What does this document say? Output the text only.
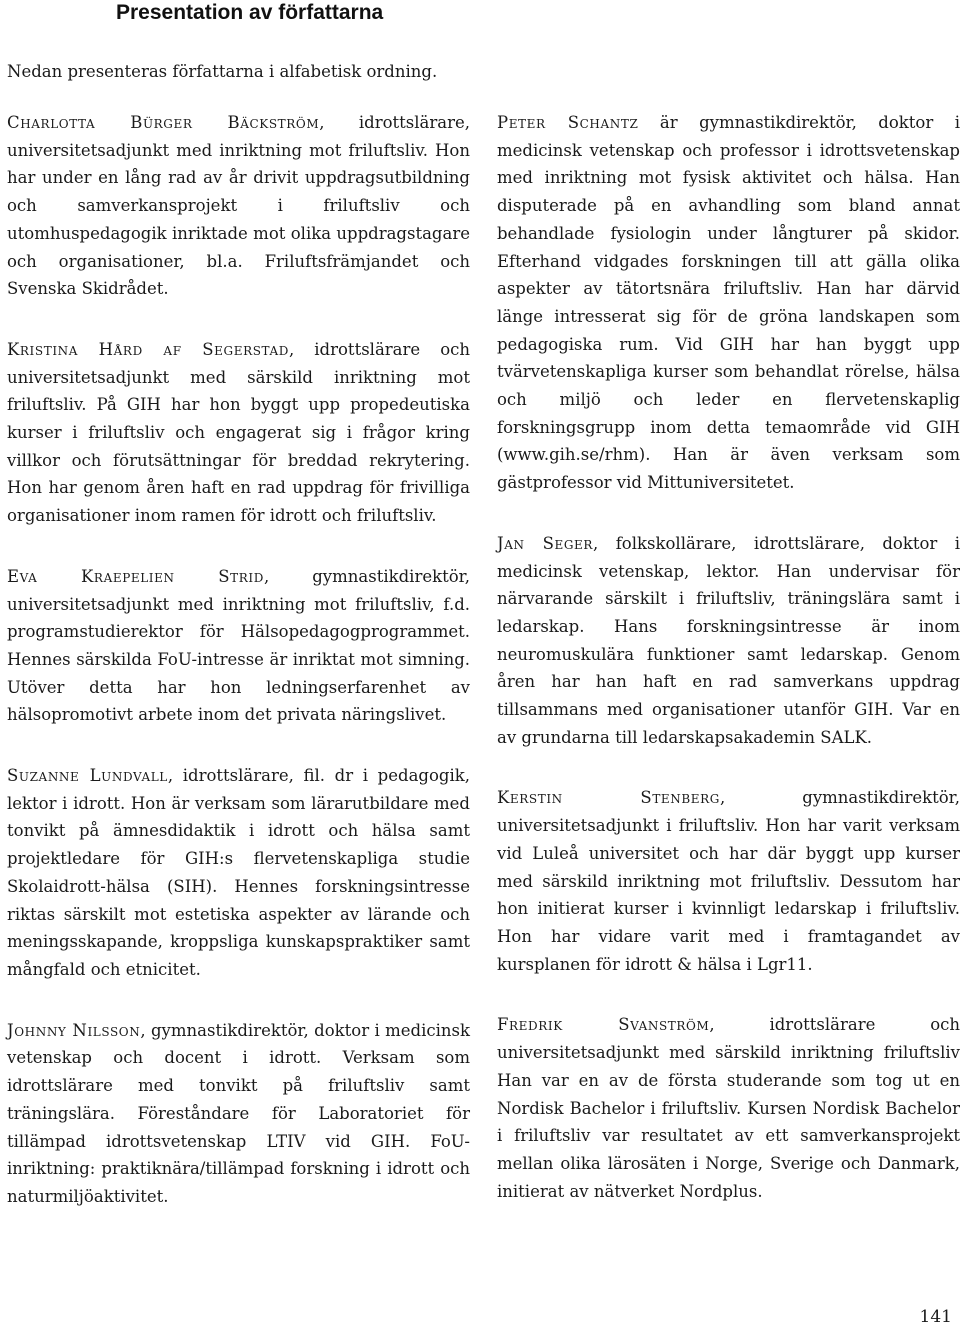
Presentation av författarna

Nedan presenteras författarna i alfabetisk ordning.

Charlotta Bürger Bäckström, idrottslärare, universitetsadjunkt med inriktning mot friluftsliv. Hon har under en lång rad av år drivit uppdragsutbildning och samverkansprojekt i friluftsliv och utomhuspedagogik inriktade mot olika uppdragstagare och organisationer, bl.a. Friluftsfrämjandet och Svenska Skidrådet.

Kristina Hård af Segerstad, idrottslärare och universitetsadjunkt med särskild inriktning mot friluftsliv. På GIH har hon byggt upp propedeutiska kurser i friluftsliv och engagerat sig i frågor kring villkor och förutsättningar för breddad rekrytering. Hon har genom åren haft en rad uppdrag för frivilliga organisationer inom ramen för idrott och friluftsliv.

Eva Kraepelien Strid, gymnastikdirektör, universitetsadjunkt med inriktning mot friluftsliv, f.d. programstudierektor för Hälsopedagogprogrammet. Hennes särskilda FoU-intresse är inriktat mot simning. Utöver detta har hon ledningserfarenhet av hälsopromotivt arbete inom det privata näringslivet.

Suzanne Lundvall, idrottslärare, fil. dr i pedagogik, lektor i idrott. Hon är verksam som lärarutbildare med tonvikt på ämnesdidaktik i idrott och hälsa samt projektledare för GIH:s flervetenskapliga studie Skolaidrott-hälsa (SIH). Hennes forskningsintresse riktas särskilt mot estetiska aspekter av lärande och meningsskapande, kroppsliga kunskapspraktiker samt mångfald och etnicitet.

Johnny Nilsson, gymnastikdirektör, doktor i medicinsk vetenskap och docent i idrott. Verksam som idrottslärare med tonvikt på friluftsliv samt träningslära. Föreståndare för Laboratoriet för tillämpad idrottsvetenskap LTIV vid GIH. FoU-inriktning: praktiknära/tillämpad forskning i idrott och naturmiljöaktivitet.

Peter Schantz är gymnastikdirektör, doktor i medicinsk vetenskap och professor i idrottsvetenskap med inriktning mot fysisk aktivitet och hälsa. Han disputerade på en avhandling som bland annat behandlade fysiologin under långturer på skidor. Efterhand vidgades forskningen till att gälla olika aspekter av tätortsnära friluftsliv. Han har därvid länge intresserat sig för de gröna landskapen som pedagogiska rum. Vid GIH har han byggt upp tvärvetenskapliga kurser som behandlat rörelse, hälsa och miljö och leder en flervetenskaplig forskningsgrupp inom detta temaområde vid GIH (www.gih.se/rhm). Han är även verksam som gästprofessor vid Mittuniversitetet.

Jan Seger, folkskollärare, idrottslärare, doktor i medicinsk vetenskap, lektor. Han undervisar för närvarande särskilt i friluftsliv, träningslära samt i ledarskap. Hans forskningsintresse är inom neuromuskulära funktioner samt ledarskap. Genom åren har han haft en rad samverkans uppdrag tillsammans med organisationer utanför GIH. Var en av grundarna till ledarskapsakademin SALK.

Kerstin Stenberg, gymnastikdirektör, universitetsadjunkt i friluftsliv. Hon har varit verksam vid Luleå universitet och har där byggt upp kurser med särskild inriktning mot friluftsliv. Dessutom har hon initierat kurser i kvinnligt ledarskap i friluftsliv. Hon har vidare varit med i framtagandet av kursplanen för idrott & hälsa i Lgr11.

Fredrik Svanström, idrottslärare och universitetsadjunkt med särskild inriktning friluftsliv Han var en av de första studerande som tog ut en Nordisk Bachelor i friluftsliv. Kursen Nordisk Bachelor i friluftsliv var resultatet av ett samverkansprojekt mellan olika lärosäten i Norge, Sverige och Danmark, initierat av nätverket Nordplus.

141
